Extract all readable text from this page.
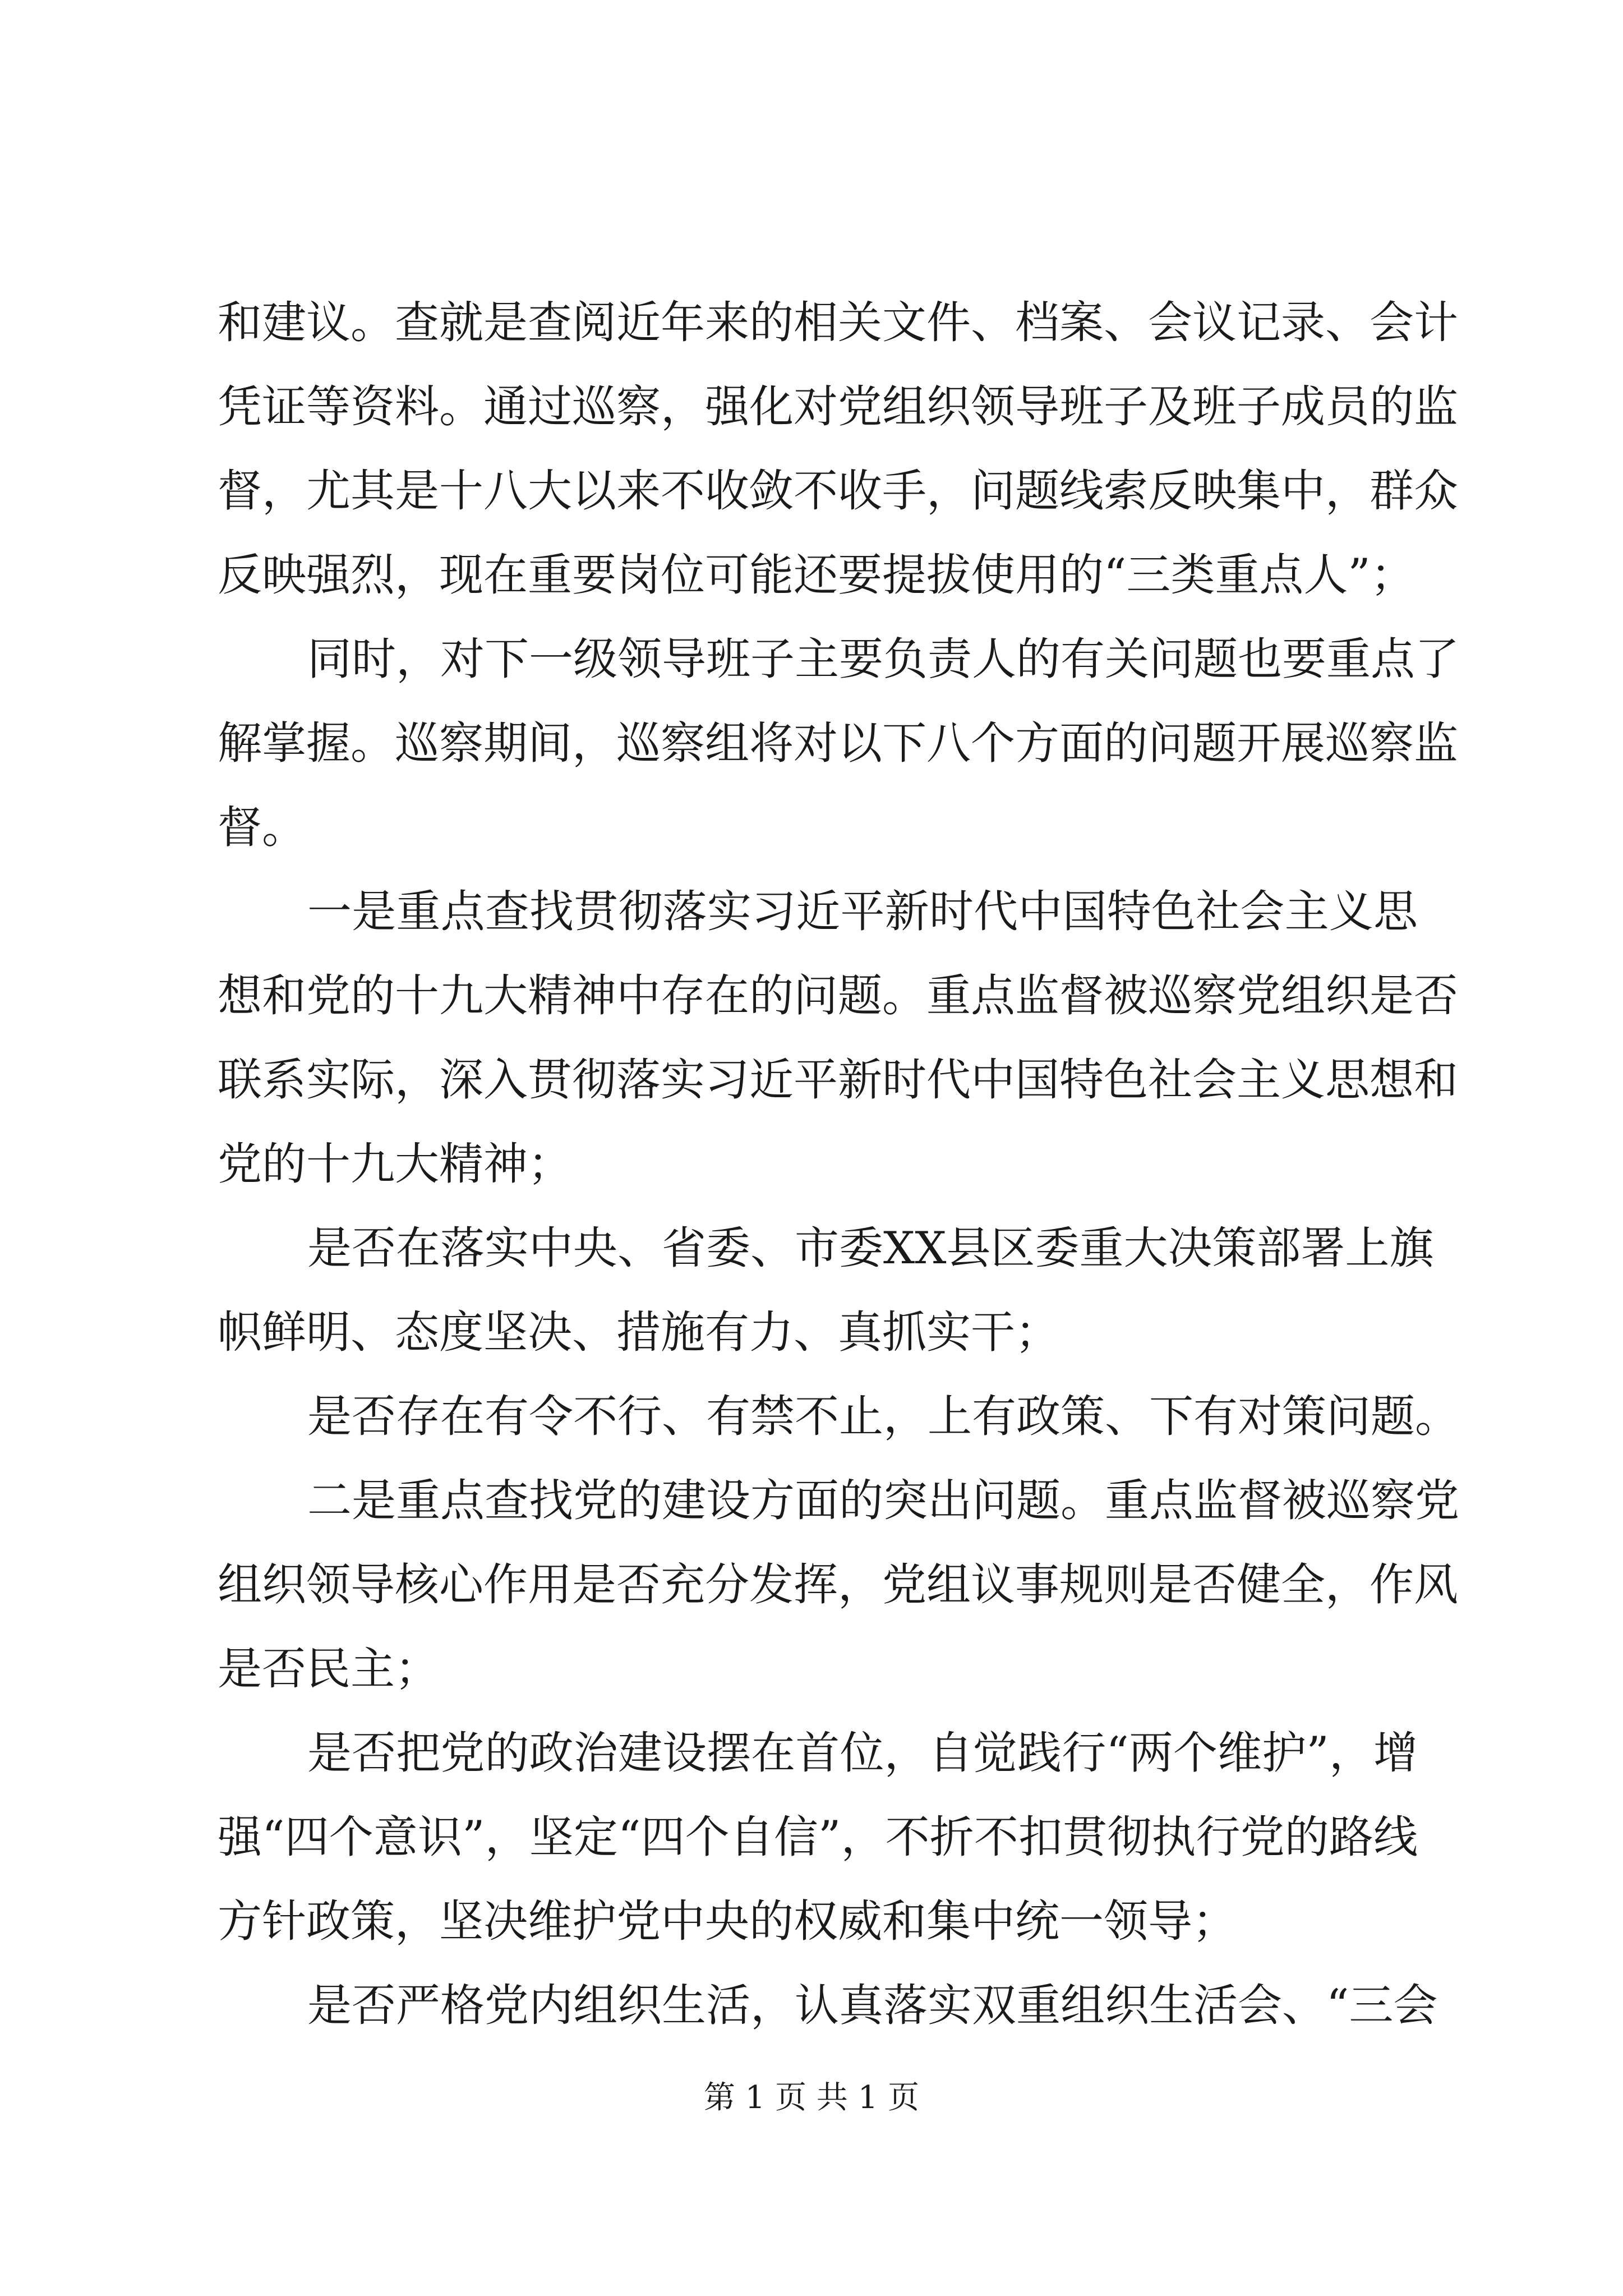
和建议。查就是查阅近年来的相关文件、档案、会议记录、会计
凭证等资料。通过巡察，强化对党组织领导班子及班子成员的监
督，尤其是十八大以来不收敛不收手，问题线索反映集中，群众
反映强烈，现在重要岗位可能还要提拔使用的“三类重点人”；
同时，对下一级领导班子主要负责人的有关问题也要重点了
解掌握。巡察期间，巡察组将对以下八个方面的问题开展巡察监
督。
一是重点查找贯彻落实习近平新时代中国特色社会主义思
想和党的十九大精神中存在的问题。重点监督被巡察党组织是否
联系实际，深入贯彻落实习近平新时代中国特色社会主义思想和
党的十九大精神；
是否在落实中央、省委、市委XX县区委重大决策部署上旗
帜鲜明、态度坚决、措施有力、真抓实干；
是否存在有令不行、有禁不止，上有政策、下有对策问题。
二是重点查找党的建设方面的突出问题。重点监督被巡察党
组织领导核心作用是否充分发挥，党组议事规则是否健全，作风
是否民主；
是否把党的政治建设摆在首位，自觉践行“两个维护”，增
强“四个意识”，坚定“四个自信”，不折不扣贯彻执行党的路线
方针政策，坚决维护党中央的权威和集中统一领导；
是否严格党内组织生活，认真落实双重组织生活会、“三会
第 1 页 共 1 页
